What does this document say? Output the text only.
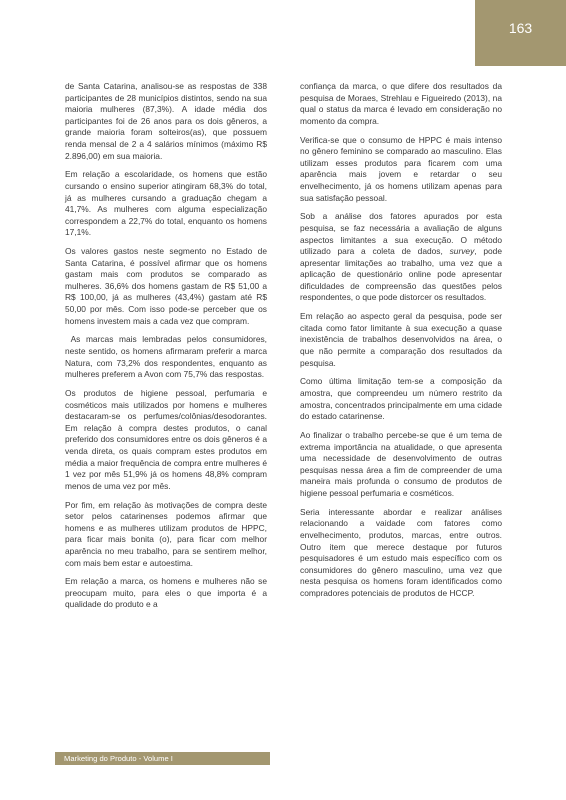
163

de Santa Catarina, analisou-se as respostas de 338 participantes de 28 municípios distintos, sendo na sua maioria mulheres (87,3%). A idade média dos participantes foi de 26 anos para os dois gêneros, a grande maioria foram solteiros(as), que possuem renda mensal de 2 a 4 salários mínimos (máximo R$ 2.896,00) em sua maioria.

Em relação a escolaridade, os homens que estão cursando o ensino superior atingiram 68,3% do total, já as mulheres cursando a graduação chegam a 41,7%. As mulheres com alguma especialização correspondem a 22,7% do total, enquanto os homens 17,1%.

Os valores gastos neste segmento no Estado de Santa Catarina, é possível afirmar que os homens gastam mais com produtos se comparado as mulheres. 36,6% dos homens gastam de R$ 51,00 a R$ 100,00, já as mulheres (43,4%) gastam até R$ 50,00 por mês. Com isso pode-se perceber que os homens investem mais a cada vez que compram.

As marcas mais lembradas pelos consumidores, neste sentido, os homens afirmaram preferir a marca Natura, com 73,2% dos respondentes, enquanto as mulheres preferem a Avon com 75,7% das respostas.

Os produtos de higiene pessoal, perfumaria e cosméticos mais utilizados por homens e mulheres destacaram-se os perfumes/colônias/desodorantes. Em relação à compra destes produtos, o canal preferido dos consumidores entre os dois gêneros é a venda direta, os quais compram estes produtos em média a maior frequência de compra entre mulheres é 1 vez por mês 51,9% já os homens 48,8% compram menos de uma vez por mês.

Por fim, em relação às motivações de compra deste setor pelos catarinenses podemos afirmar que homens e as mulheres utilizam produtos de HPPC, para ficar mais bonita (o), para ficar com melhor aparência no meu trabalho, para se sentirem melhor, com mais bem estar e autoestima.

Em relação a marca, os homens e mulheres não se preocupam muito, para eles o que importa é a qualidade do produto e a

confiança da marca, o que difere dos resultados da pesquisa de Moraes, Strehlau e Figueiredo (2013), na qual o status da marca é levado em consideração no momento da compra.

Verifica-se que o consumo de HPPC é mais intenso no gênero feminino se comparado ao masculino. Elas utilizam esses produtos para ficarem com uma aparência mais jovem e retardar o seu envelhecimento, já os homens utilizam apenas para sua satisfação pessoal.

Sob a análise dos fatores apurados por esta pesquisa, se faz necessária a avaliação de alguns aspectos limitantes a sua execução. O método utilizado para a coleta de dados, survey, pode apresentar limitações ao trabalho, uma vez que a aplicação de questionário online pode apresentar dificuldades de compreensão das questões pelos respondentes, o que pode distorcer os resultados.

Em relação ao aspecto geral da pesquisa, pode ser citada como fator limitante à sua execução a quase inexistência de trabalhos desenvolvidos na área, o que não permite a comparação dos resultados da pesquisa.

Como última limitação tem-se a composição da amostra, que compreendeu um número restrito da amostra, concentrados principalmente em uma cidade do estado catarinense.

Ao finalizar o trabalho percebe-se que é um tema de extrema importância na atualidade, o que apresenta uma necessidade de desenvolvimento de outras pesquisas nessa área a fim de compreender de uma maneira mais profunda o consumo de produtos de higiene pessoal perfumaria e cosméticos.

Seria interessante abordar e realizar análises relacionando a vaidade com fatores como envelhecimento, produtos, marcas, entre outros. Outro item que merece destaque por futuros pesquisadores é um estudo mais específico com os consumidores do gênero masculino, uma vez que nesta pesquisa os homens foram identificados como compradores potenciais de produtos de HCCP.

Marketing do Produto - Volume I
